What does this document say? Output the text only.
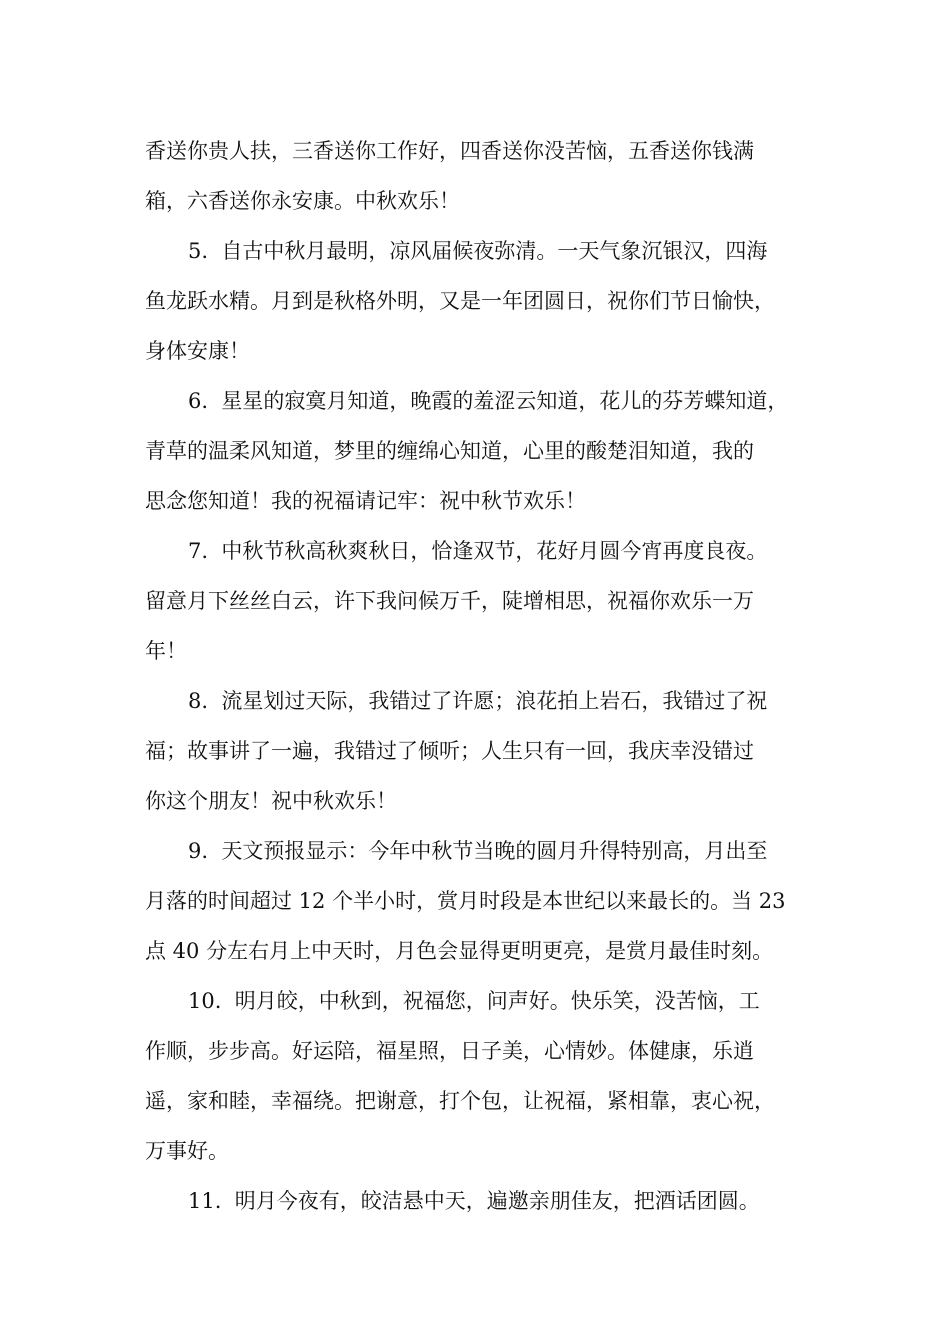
香送你贵人扶，三香送你工作好，四香送你没苦恼，五香送你钱满
箱，六香送你永安康。中秋欢乐！
5.  自古中秋月最明，凉风届候夜弥清。一天气象沉银汉，四海
鱼龙跃水精。月到是秋格外明，又是一年团圆日，祝你们节日愉快，
身体安康！
6.  星星的寂寞月知道，晚霞的羞涩云知道，花儿的芬芳蝶知道，
青草的温柔风知道，梦里的缠绵心知道，心里的酸楚泪知道，我的
思念您知道！我的祝福请记牢：祝中秋节欢乐！
7.  中秋节秋高秋爽秋日，恰逢双节，花好月圆今宵再度良夜。
留意月下丝丝白云，许下我问候万千，陡增相思，祝福你欢乐一万
年！
8.  流星划过天际，我错过了许愿；浪花拍上岩石，我错过了祝
福；故事讲了一遍，我错过了倾听；人生只有一回，我庆幸没错过
你这个朋友！祝中秋欢乐！
9.  天文预报显示：今年中秋节当晚的圆月升得特别高，月出至
月落的时间超过 12 个半小时，赏月时段是本世纪以来最长的。当 23
点 40 分左右月上中天时，月色会显得更明更亮，是赏月最佳时刻。
10.  明月皎，中秋到，祝福您，问声好。快乐笑，没苦恼，工
作顺，步步高。好运陪，福星照，日子美，心情妙。体健康，乐逍
遥，家和睦，幸福绕。把谢意，打个包，让祝福，紧相靠，衷心祝，
万事好。
11.  明月今夜有，皎洁悬中天，遍邀亲朋佳友，把酒话团圆。
